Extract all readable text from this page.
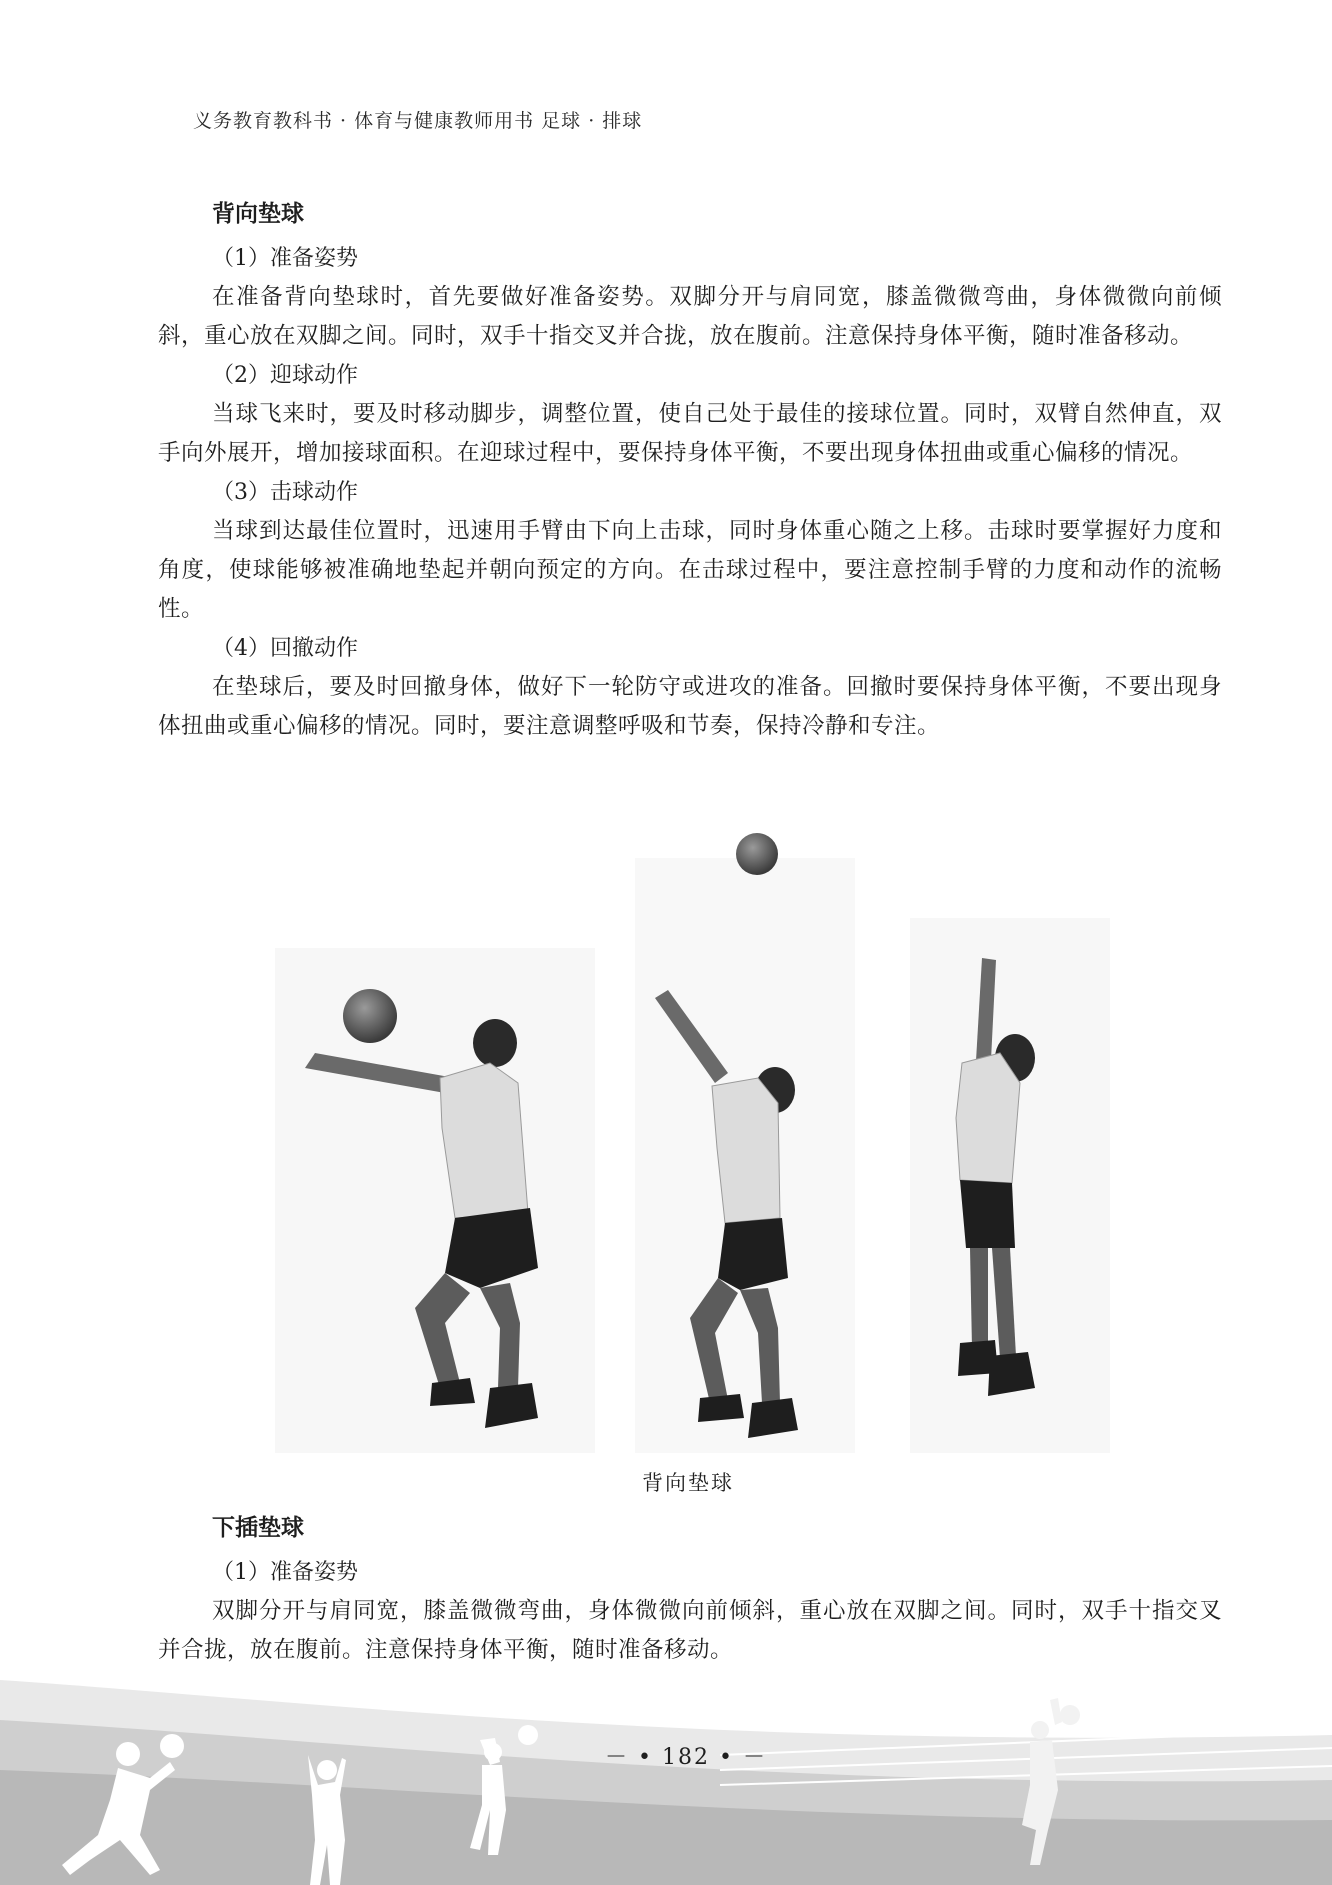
义务教育教科书 · 体育与健康教师用书 足球 · 排球

背向垫球

（1）准备姿势

在准备背向垫球时，首先要做好准备姿势。双脚分开与肩同宽，膝盖微微弯曲，身体微微向前倾斜，重心放在双脚之间。同时，双手十指交叉并合拢，放在腹前。注意保持身体平衡，随时准备移动。

（2）迎球动作

当球飞来时，要及时移动脚步，调整位置，使自己处于最佳的接球位置。同时，双臂自然伸直，双手向外展开，增加接球面积。在迎球过程中，要保持身体平衡，不要出现身体扭曲或重心偏移的情况。

（3）击球动作

当球到达最佳位置时，迅速用手臂由下向上击球，同时身体重心随之上移。击球时要掌握好力度和角度，使球能够被准确地垫起并朝向预定的方向。在击球过程中，要注意控制手臂的力度和动作的流畅性。

（4）回撤动作

在垫球后，要及时回撤身体，做好下一轮防守或进攻的准备。回撤时要保持身体平衡，不要出现身体扭曲或重心偏移的情况。同时，要注意调整呼吸和节奏，保持冷静和专注。

背向垫球

下插垫球

（1）准备姿势

双脚分开与肩同宽，膝盖微微弯曲，身体微微向前倾斜，重心放在双脚之间。同时，双手十指交叉并合拢，放在腹前。注意保持身体平衡，随时准备移动。

－ • 182 • －
